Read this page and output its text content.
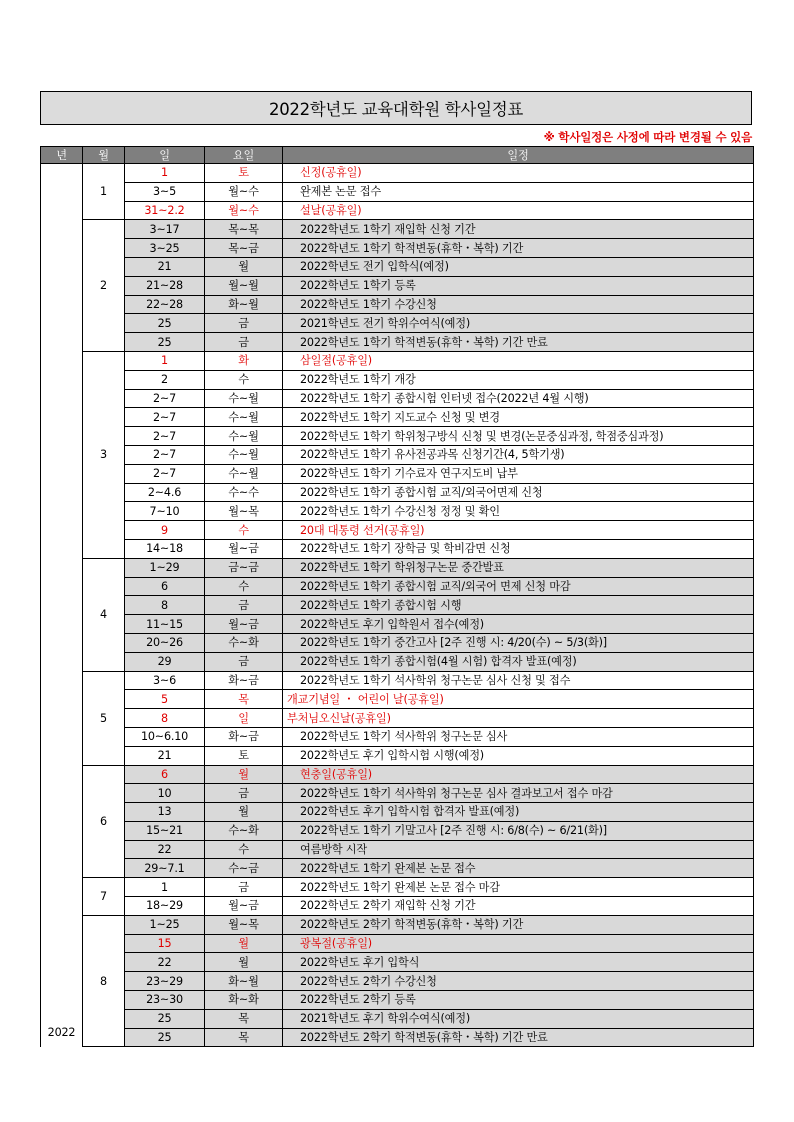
2022학년도 교육대학원 학사일정표
※ 학사일정은 사정에 따라 변경될 수 있음
년	월	일	요일	일정
2022	1	1	토	신정(공휴일)
		3~5	월~수	완제본 논문 접수
		31~2.2	월~수	설날(공휴일)
	2	3~17	목~목	2022학년도 1학기 재입학 신청 기간
		3~25	목~금	2022학년도 1학기 학적변동(휴학・복학) 기간
		21	월	2022학년도 전기 입학식(예정)
		21~28	월~월	2022학년도 1학기 등록
		22~28	화~월	2022학년도 1학기 수강신청
		25	금	2021학년도 전기 학위수여식(예정)
		25	금	2022학년도 1학기 학적변동(휴학・복학) 기간 만료
	3	1	화	삼일절(공휴일)
		2	수	2022학년도 1학기 개강
		2~7	수~월	2022학년도 1학기 종합시험 인터넷 접수(2022년 4월 시행)
		2~7	수~월	2022학년도 1학기 지도교수 신청 및 변경
		2~7	수~월	2022학년도 1학기 학위청구방식 신청 및 변경(논문중심과정, 학점중심과정)
		2~7	수~월	2022학년도 1학기 유사전공과목 신청기간(4, 5학기생)
		2~7	수~월	2022학년도 1학기 기수료자 연구지도비 납부
		2~4.6	수~수	2022학년도 1학기 종합시험 교직/외국어면제 신청
		7~10	월~목	2022학년도 1학기 수강신청 정정 및 확인
		9	수	20대 대통령 선거(공휴일)
		14~18	월~금	2022학년도 1학기 장학금 및 학비감면 신청
	4	1~29	금~금	2022학년도 1학기 학위청구논문 중간발표
		6	수	2022학년도 1학기 종합시험 교직/외국어 면제 신청 마감
		8	금	2022학년도 1학기 종합시험 시행
		11~15	월~금	2022학년도 후기 입학원서 접수(예정)
		20~26	수~화	2022학년도 1학기 중간고사 [2주 진행 시: 4/20(수) ~ 5/3(화)]
		29	금	2022학년도 1학기 종합시험(4월 시험) 합격자 발표(예정)
	5	3~6	화~금	2022학년도 1학기 석사학위 청구논문 심사 신청 및 접수
		5	목	개교기념일 ・ 어린이 날(공휴일)
		8	일	부처님오신날(공휴일)
		10~6.10	화~금	2022학년도 1학기 석사학위 청구논문 심사
		21	토	2022학년도 후기 입학시험 시행(예정)
	6	6	월	현충일(공휴일)
		10	금	2022학년도 1학기 석사학위 청구논문 심사 결과보고서 접수 마감
		13	월	2022학년도 후기 입학시험 합격자 발표(예정)
		15~21	수~화	2022학년도 1학기 기말고사 [2주 진행 시: 6/8(수) ~ 6/21(화)]
		22	수	여름방학 시작
		29~7.1	수~금	2022학년도 1학기 완제본 논문 접수
	7	1	금	2022학년도 1학기 완제본 논문 접수 마감
		18~29	월~금	2022학년도 2학기 재입학 신청 기간
	8	1~25	월~목	2022학년도 2학기 학적변동(휴학・복학) 기간
		15	월	광복절(공휴일)
		22	월	2022학년도 후기 입학식
		23~29	화~월	2022학년도 2학기 수강신청
		23~30	화~화	2022학년도 2학기 등록
		25	목	2021학년도 후기 학위수여식(예정)
		25	목	2022학년도 2학기 학적변동(휴학・복학) 기간 만료
